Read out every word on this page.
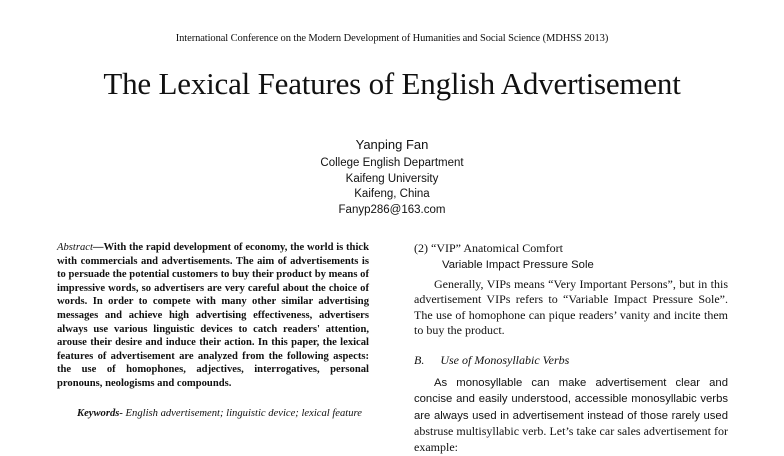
International Conference on the Modern Development of Humanities and Social Science (MDHSS 2013)
The Lexical Features of English Advertisement
Yanping Fan
College English Department
Kaifeng University
Kaifeng, China
Fanyp286@163.com
Abstract—With the rapid development of economy, the world is thick with commercials and advertisements. The aim of advertisements is to persuade the potential customers to buy their product by means of impressive words, so advertisers are very careful about the choice of words. In order to compete with many other similar advertising messages and achieve high advertising effectiveness, advertisers always use various linguistic devices to catch readers' attention, arouse their desire and induce their action. In this paper, the lexical features of advertisement are analyzed from the following aspects: the use of homophones, adjectives, interrogatives, personal pronouns, neologisms and compounds.
Keywords- English advertisement; linguistic device; lexical feature
(2) “VIP” Anatomical Comfort
Variable Impact Pressure Sole
Generally, VIPs means “Very Important Persons”, but in this advertisement VIPs refers to “Variable Impact Pressure Sole”. The use of homophone can pique readers’ vanity and incite them to buy the product.
B. Use of Monosyllabic Verbs
As monosyllable can make advertisement clear and concise and easily understood, accessible monosyllabic verbs are always used in advertisement instead of those rarely used abstruse multisyllabic verb. Let’s take car sales advertisement for example:
